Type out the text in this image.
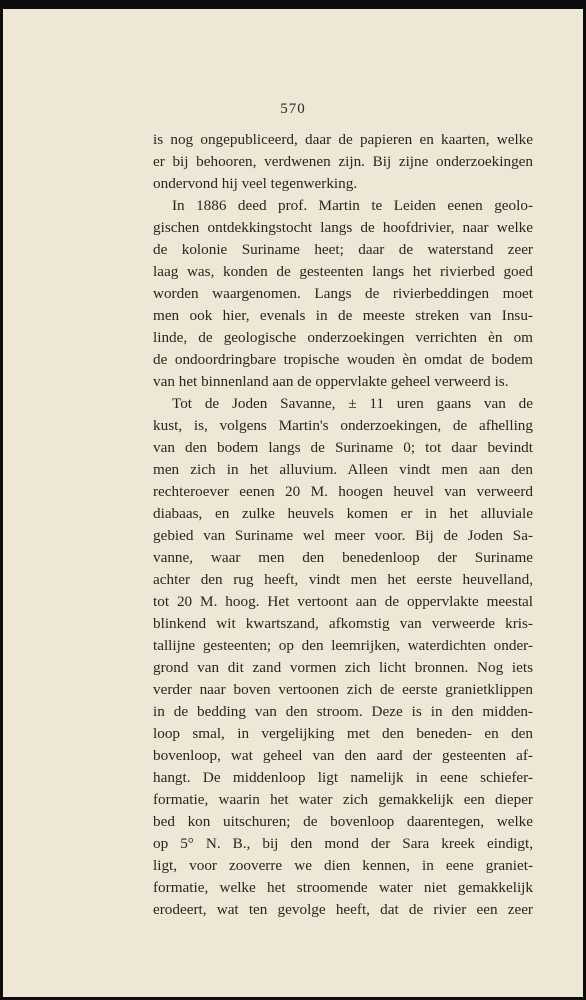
570
is nog ongepubliceerd, daar de papieren en kaarten, welke
er bij behooren, verdwenen zijn. Bij zijne onderzoekingen
ondervond hij veel tegenwerking.
In 1886 deed prof. Martin te Leiden eenen geolo-
gischen ontdekkingstocht langs de hoofdrivier, naar welke
de kolonie Suriname heet; daar de waterstand zeer
laag was, konden de gesteenten langs het rivierbed goed
worden waargenomen. Langs de rivierbeddingen moet
men ook hier, evenals in de meeste streken van Insu-
linde, de geologische onderzoekingen verrichten èn om
de ondoordringbare tropische wouden èn omdat de bodem
van het binnenland aan de oppervlakte geheel verweerd is.
Tot de Joden Savanne, ± 11 uren gaans van de
kust, is, volgens Martin's onderzoekingen, de afhelling
van den bodem langs de Suriname 0; tot daar bevindt
men zich in het alluvium. Alleen vindt men aan den
rechteroever eenen 20 M. hoogen heuvel van verweerd
diabaas, en zulke heuvels komen er in het alluviale
gebied van Suriname wel meer voor. Bij de Joden Sa-
vanne, waar men den benedenloop der Suriname
achter den rug heeft, vindt men het eerste heuvelland,
tot 20 M. hoog. Het vertoont aan de oppervlakte meestal
blinkend wit kwartszand, afkomstig van verweerde kris-
tallijne gesteenten; op den leemrijken, waterdichten onder-
grond van dit zand vormen zich licht bronnen. Nog iets
verder naar boven vertoonen zich de eerste granietklippen
in de bedding van den stroom. Deze is in den midden-
loop smal, in vergelijking met den beneden- en den
bovenloop, wat geheel van den aard der gesteenten af-
hangt. De middenloop ligt namelijk in eene schiefer-
formatie, waarin het water zich gemakkelijk een dieper
bed kon uitschuren; de bovenloop daarentegen, welke
op 5° N. B., bij den mond der Sara kreek eindigt,
ligt, voor zooverre we dien kennen, in eene graniet-
formatie, welke het stroomende water niet gemakkelijk
erodeert, wat ten gevolge heeft, dat de rivier een zeer
